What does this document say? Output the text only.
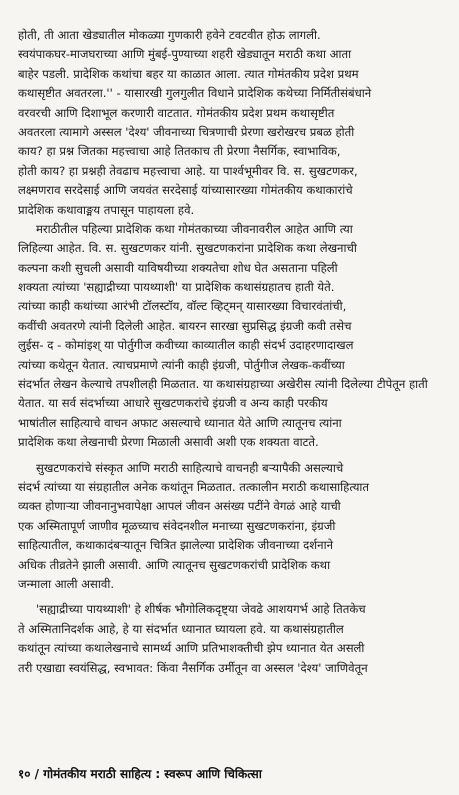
होती, ती आता खेड्यातील मोकळ्या गुणकारी हवेने टवटवीत होऊ लागली.
स्वयंपाकघर-माजघराच्या आणि मुंबई-पुण्याच्या शहरी खेड्यातून मराठी कथा आता
बाहेर पडली. प्रादेशिक कथांचा बहर या काळात आला. त्यात गोमंतकीय प्रदेश प्रथम
कथासृष्टीत अवतरला.'' - यासारखी गुलगुलीत विधाने प्रादेशिक कथेच्या निर्मितीसंबंधाने
वरवरची आणि दिशाभूल करणारी वाटतात. गोमंतकीय प्रदेश प्रथम कथासृष्टीत
अवतरला त्यामागे अस्सल 'देश्य' जीवनाच्या चित्रणाची प्रेरणा खरोखरच प्रबळ होती
काय? हा प्रश्न जितका महत्त्वाचा आहे तितकाच ती प्रेरणा नैसर्गिक, स्वाभाविक,
होती काय? हा प्रश्नही तेवढाच महत्त्वाचा आहे. या पार्श्वभूमीवर वि. स. सुखटणकर,
लक्ष्मणराव सरदेसाई आणि जयवंत सरदेसाई यांच्यासारख्या गोमंतकीय कथाकारांचे
प्रादेशिक कथावाङ्मय तपासून पाहायला हवे.
मराठीतील पहिल्या प्रादेशिक कथा गोमंतकाच्या जीवनावरील आहेत आणि त्या
लिहिल्या आहेत. वि. स. सुखटणकर यांनी. सुखटणकरांना प्रादेशिक कथा लेखनाची
कल्पना कशी सुचली असावी याविषयीच्या शक्यतेचा शोध घेत असताना पहिली
शक्यता त्यांच्या 'सह्याद्रीच्या पायथ्याशी' या प्रादेशिक कथासंग्रहातच हाती येते.
त्यांच्या काही कथांच्या आरंभी टॉलस्टॉय, वॉल्ट व्हिट्मन् यासारख्या विचारवंतांची,
कवींची अवतरणे त्यांनी दिलेली आहेत. बायरन सारखा सुप्रसिद्ध इंग्रजी कवी तसेच
लुईस- द - कोमांइश् या पोर्तुगीज कवीच्या काव्यातील काही संदर्भ उदाहरणादाखल
त्यांच्या कथेतून येतात. त्याचप्रमाणे त्यांनी काही इंग्रजी, पोर्तुगीज लेखक-कवींच्या
संदर्भात लेखन केल्याचे तपशीलही मिळतात. या कथासंग्रहाच्या अखेरीस त्यांनी दिलेल्या टीपेतून हाती
येतात. या सर्व संदर्भाच्या आधारे सुखटणकरांचे इंग्रजी व अन्य काही परकीय
भाषांतील साहित्याचे वाचन अफाट असल्याचे ध्यानात येते आणि त्यातूनच त्यांना
प्रादेशिक कथा लेखनाची प्रेरणा मिळाली असावी अशी एक शक्यता वाटते.
सुखटणकरांचे संस्कृत आणि मराठी साहित्याचे वाचनही बऱ्यापैकी असल्याचे
संदर्भ त्यांच्या या संग्रहातील अनेक कथांतून मिळतात. तत्कालीन मराठी कथासाहित्यात
व्यक्त होणाऱ्या जीवनानुभवापेक्षा आपलं जीवन असंख्य पटींने वेगळं आहे याची
एक अस्मितापूर्ण जाणीव मूळच्याच संवेदनशील मनाच्या सुखटणकरांना, इंग्रजी
साहित्यातील, कथाकादंबऱ्यातून चित्रित झालेल्या प्रादेशिक जीवनाच्या दर्शनाने
अधिक तीव्रतेने झाली असावी. आणि त्यातूनच सुखटणकरांची प्रादेशिक कथा
जन्माला आली असावी.
'सह्याद्रीच्या पायथ्याशी' हे शीर्षक भौगोलिकदृष्ट्या जेवढे आशयगर्भ आहे तितकेच
ते अस्मितानिदर्शक आहे, हे या संदर्भात ध्यानात घ्यायला हवे. या कथासंग्रहातील
कथांतून त्यांच्या कथालेखनाचे सामर्थ्य आणि प्रतिभाशक्तीची झेप ध्यानात येत असली
तरी एखाद्या स्वयंसिद्ध, स्वभावत: किंवा नैसर्गिक उर्मीतून वा अस्सल 'देश्य' जाणिवेतून
१० / गोमंतकीय मराठी साहित्य : स्वरूप आणि चिकित्सा
